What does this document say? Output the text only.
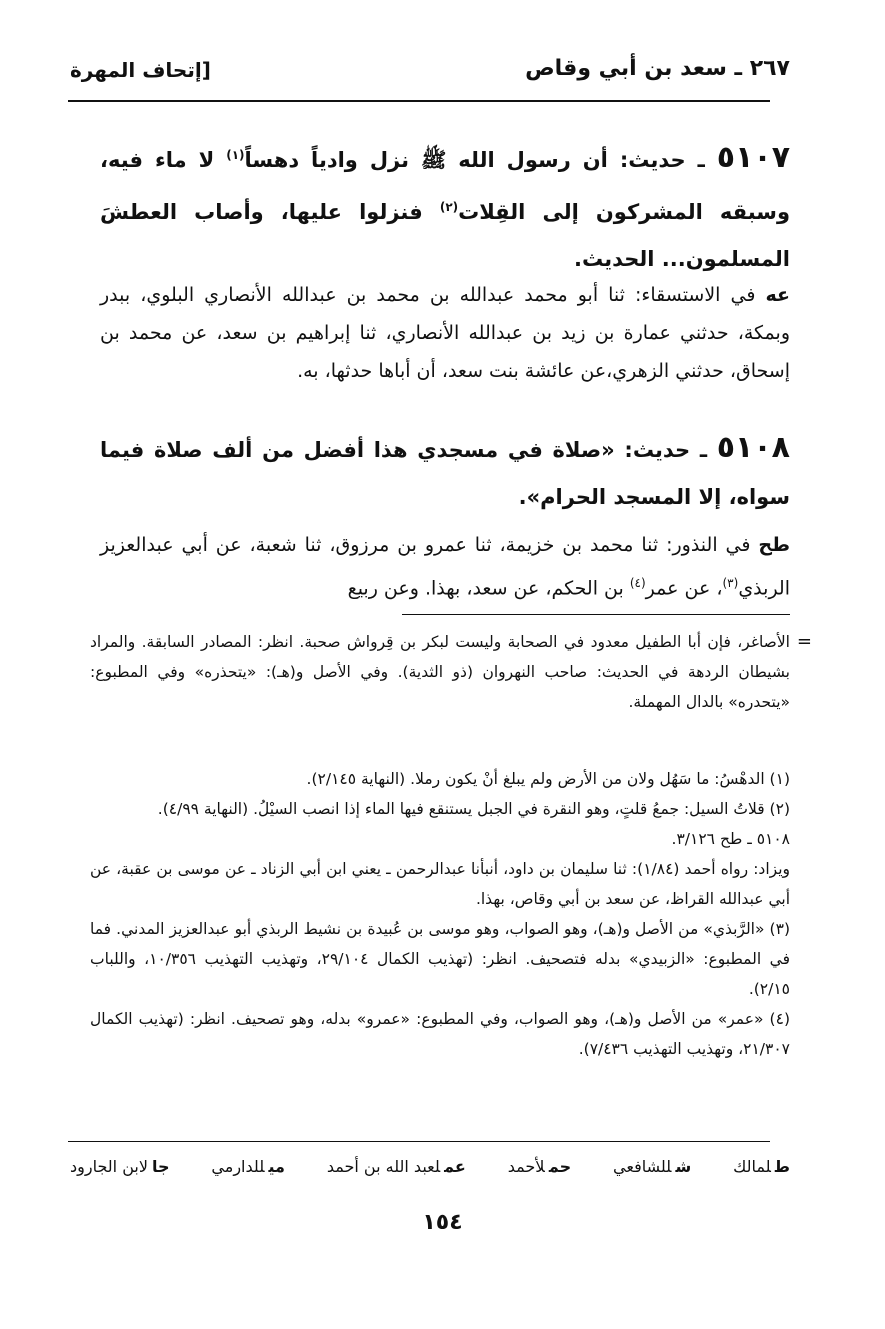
٢٦٧ ـ سعد بن أبي وقاص
[إتحاف المهرة
٥١٠٧ ـ حديث: أن رسول الله ﷺ نزل وادياً دهساً$^{(١)}$ لا ماء فيه، وسبقه المشركون إلى القِلات$^{(٢)}$ فنزلوا عليها، وأصاب العطشَ المسلمون... الحديث.
عه في الاستسقاء: ثنا أبو محمد عبدالله بن محمد بن عبدالله الأنصاري البلوي، ببدر وبمكة، حدثني عمارة بن زيد بن عبدالله الأنصاري، ثنا إبراهيم بن سعد، عن محمد بن إسحاق، حدثني الزهري،عن عائشة بنت سعد، أن أباها حدثها، به.
٥١٠٨ ـ حديث: «صلاة في مسجدي هذا أفضل من ألف صلاة فيما سواه، إلا المسجد الحرام».
طح في النذور: ثنا محمد بن خزيمة، ثنا عمرو بن مرزوق، ثنا شعبة، عن أبي عبدالعزيز الربذي$^{(٣)}$، عن عمر$^{(٤)}$ بن الحكم، عن سعد، بهذا. وعن ربيع
=
الأصاغر، فإن أبا الطفيل معدود في الصحابة وليست لبكر بن قِرواش صحبة. انظر: المصادر السابقة. والمراد بشيطان الردهة في الحديث: صاحب النهروان (ذو الثدية). وفي الأصل و(هـ): «يتحذره» وفي المطبوع: «يتحدره» بالدال المهملة.

(١) الدهْسُ: ما سَهُل ولان من الأرض ولم يبلغ أنْ يكون رملا. (النهاية ٢/١٤٥).

(٢) قلاتُ السيل: جمعُ قلتٍ، وهو النقرة في الجبل يستنقع فيها الماء إذا انصب السيْلُ. (النهاية ٤/٩٩).

٥١٠٨ ـ طح ٣/١٢٦.

ويزاد: رواه أحمد (١/٨٤): ثنا سليمان بن داود، أنبأنا عبدالرحمن ـ يعني ابن أبي الزناد ـ عن موسى بن عقبة، عن أبي عبدالله القراظ، عن سعد بن أبي وقاص، بهذا.

(٣) «الرَّبذي» من الأصل و(هـ)، وهو الصواب، وهو موسى بن عُبيدة بن نشيط الربذي أبو عبدالعزيز المدني. فما في المطبوع: «الزبيدي» بدله فتصحيف. انظر: (تهذيب الكمال ٢٩/١٠٤، وتهذيب التهذيب ١٠/٣٥٦، واللباب ٢/١٥).

(٤) «عمر» من الأصل و(هـ)، وهو الصواب، وفي المطبوع: «عمرو» بدله، وهو تصحيف. انظر: (تهذيب الكمال ٢١/٣٠٧، وتهذيب التهذيب ٧/٤٣٦).

طلمالك
شللشافعي
حملأحمد
عملعبد الله بن أحمد
ميللدارمي
جالابن الجارود
١٥٤
